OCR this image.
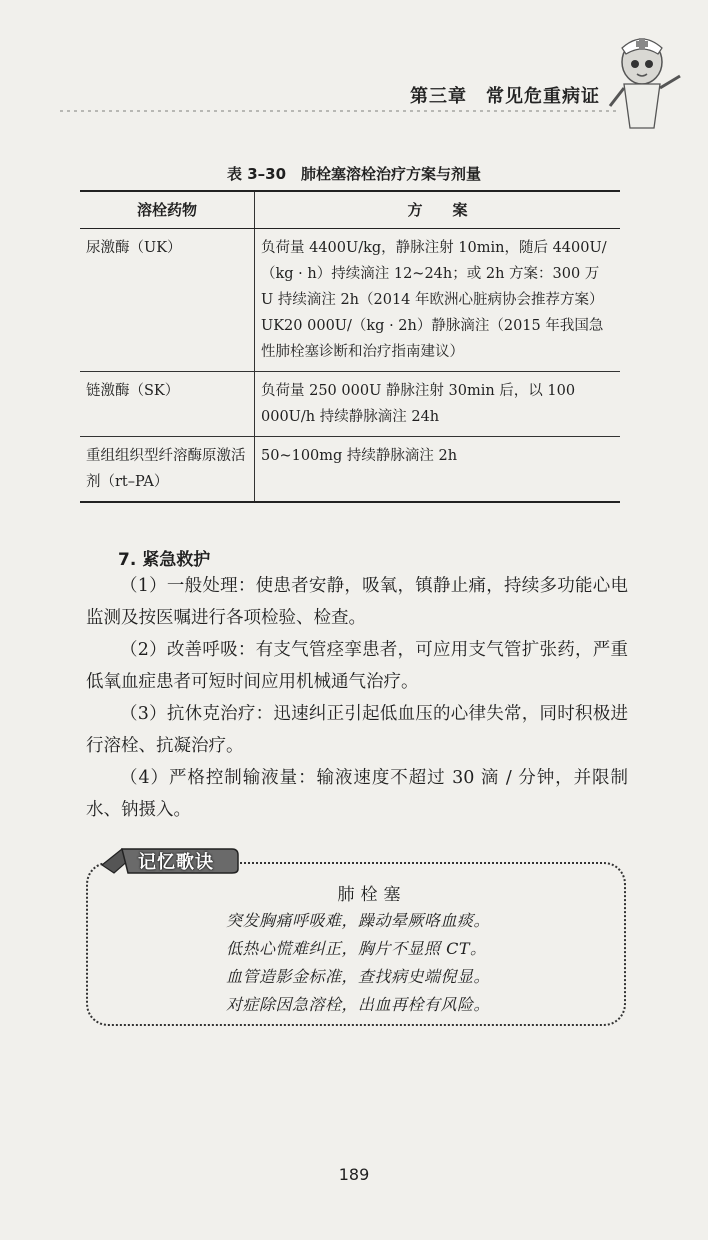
第三章　常见危重病证
表 3–30　肺栓塞溶栓治疗方案与剂量
溶栓药物	方　　案
尿激酶（UK）	负荷量 4400U/kg，静脉注射 10min，随后 4400U/（kg · h）持续滴注 12~24h；或 2h 方案：300 万 U 持续滴注 2h（2014 年欧洲心脏病协会推荐方案）

UK20 000U/（kg · 2h）静脉滴注（2015 年我国急性肺栓塞诊断和治疗指南建议）

链激酶（SK）	负荷量 250 000U 静脉注射 30min 后，以 100 000U/h 持续静脉滴注 24h

重组组织型纤溶酶原激活剂（rt–PA）	50~100mg 持续静脉滴注 2h

7. 紧急救护

（1）一般处理：使患者安静，吸氧，镇静止痛，持续多功能心电监测及按医嘱进行各项检验、检查。

（2）改善呼吸：有支气管痉挛患者，可应用支气管扩张药，严重低氧血症患者可短时间应用机械通气治疗。

（3）抗休克治疗：迅速纠正引起低血压的心律失常，同时积极进行溶栓、抗凝治疗。

（4）严格控制输液量：输液速度不超过 30 滴 / 分钟，并限制水、钠摄入。

记忆歌诀
肺栓塞
突发胸痛呼吸难，躁动晕厥咯血痰。
低热心慌难纠正，胸片不显照 CT。
血管造影金标准，查找病史端倪显。
对症除因急溶栓，出血再栓有风险。
189
